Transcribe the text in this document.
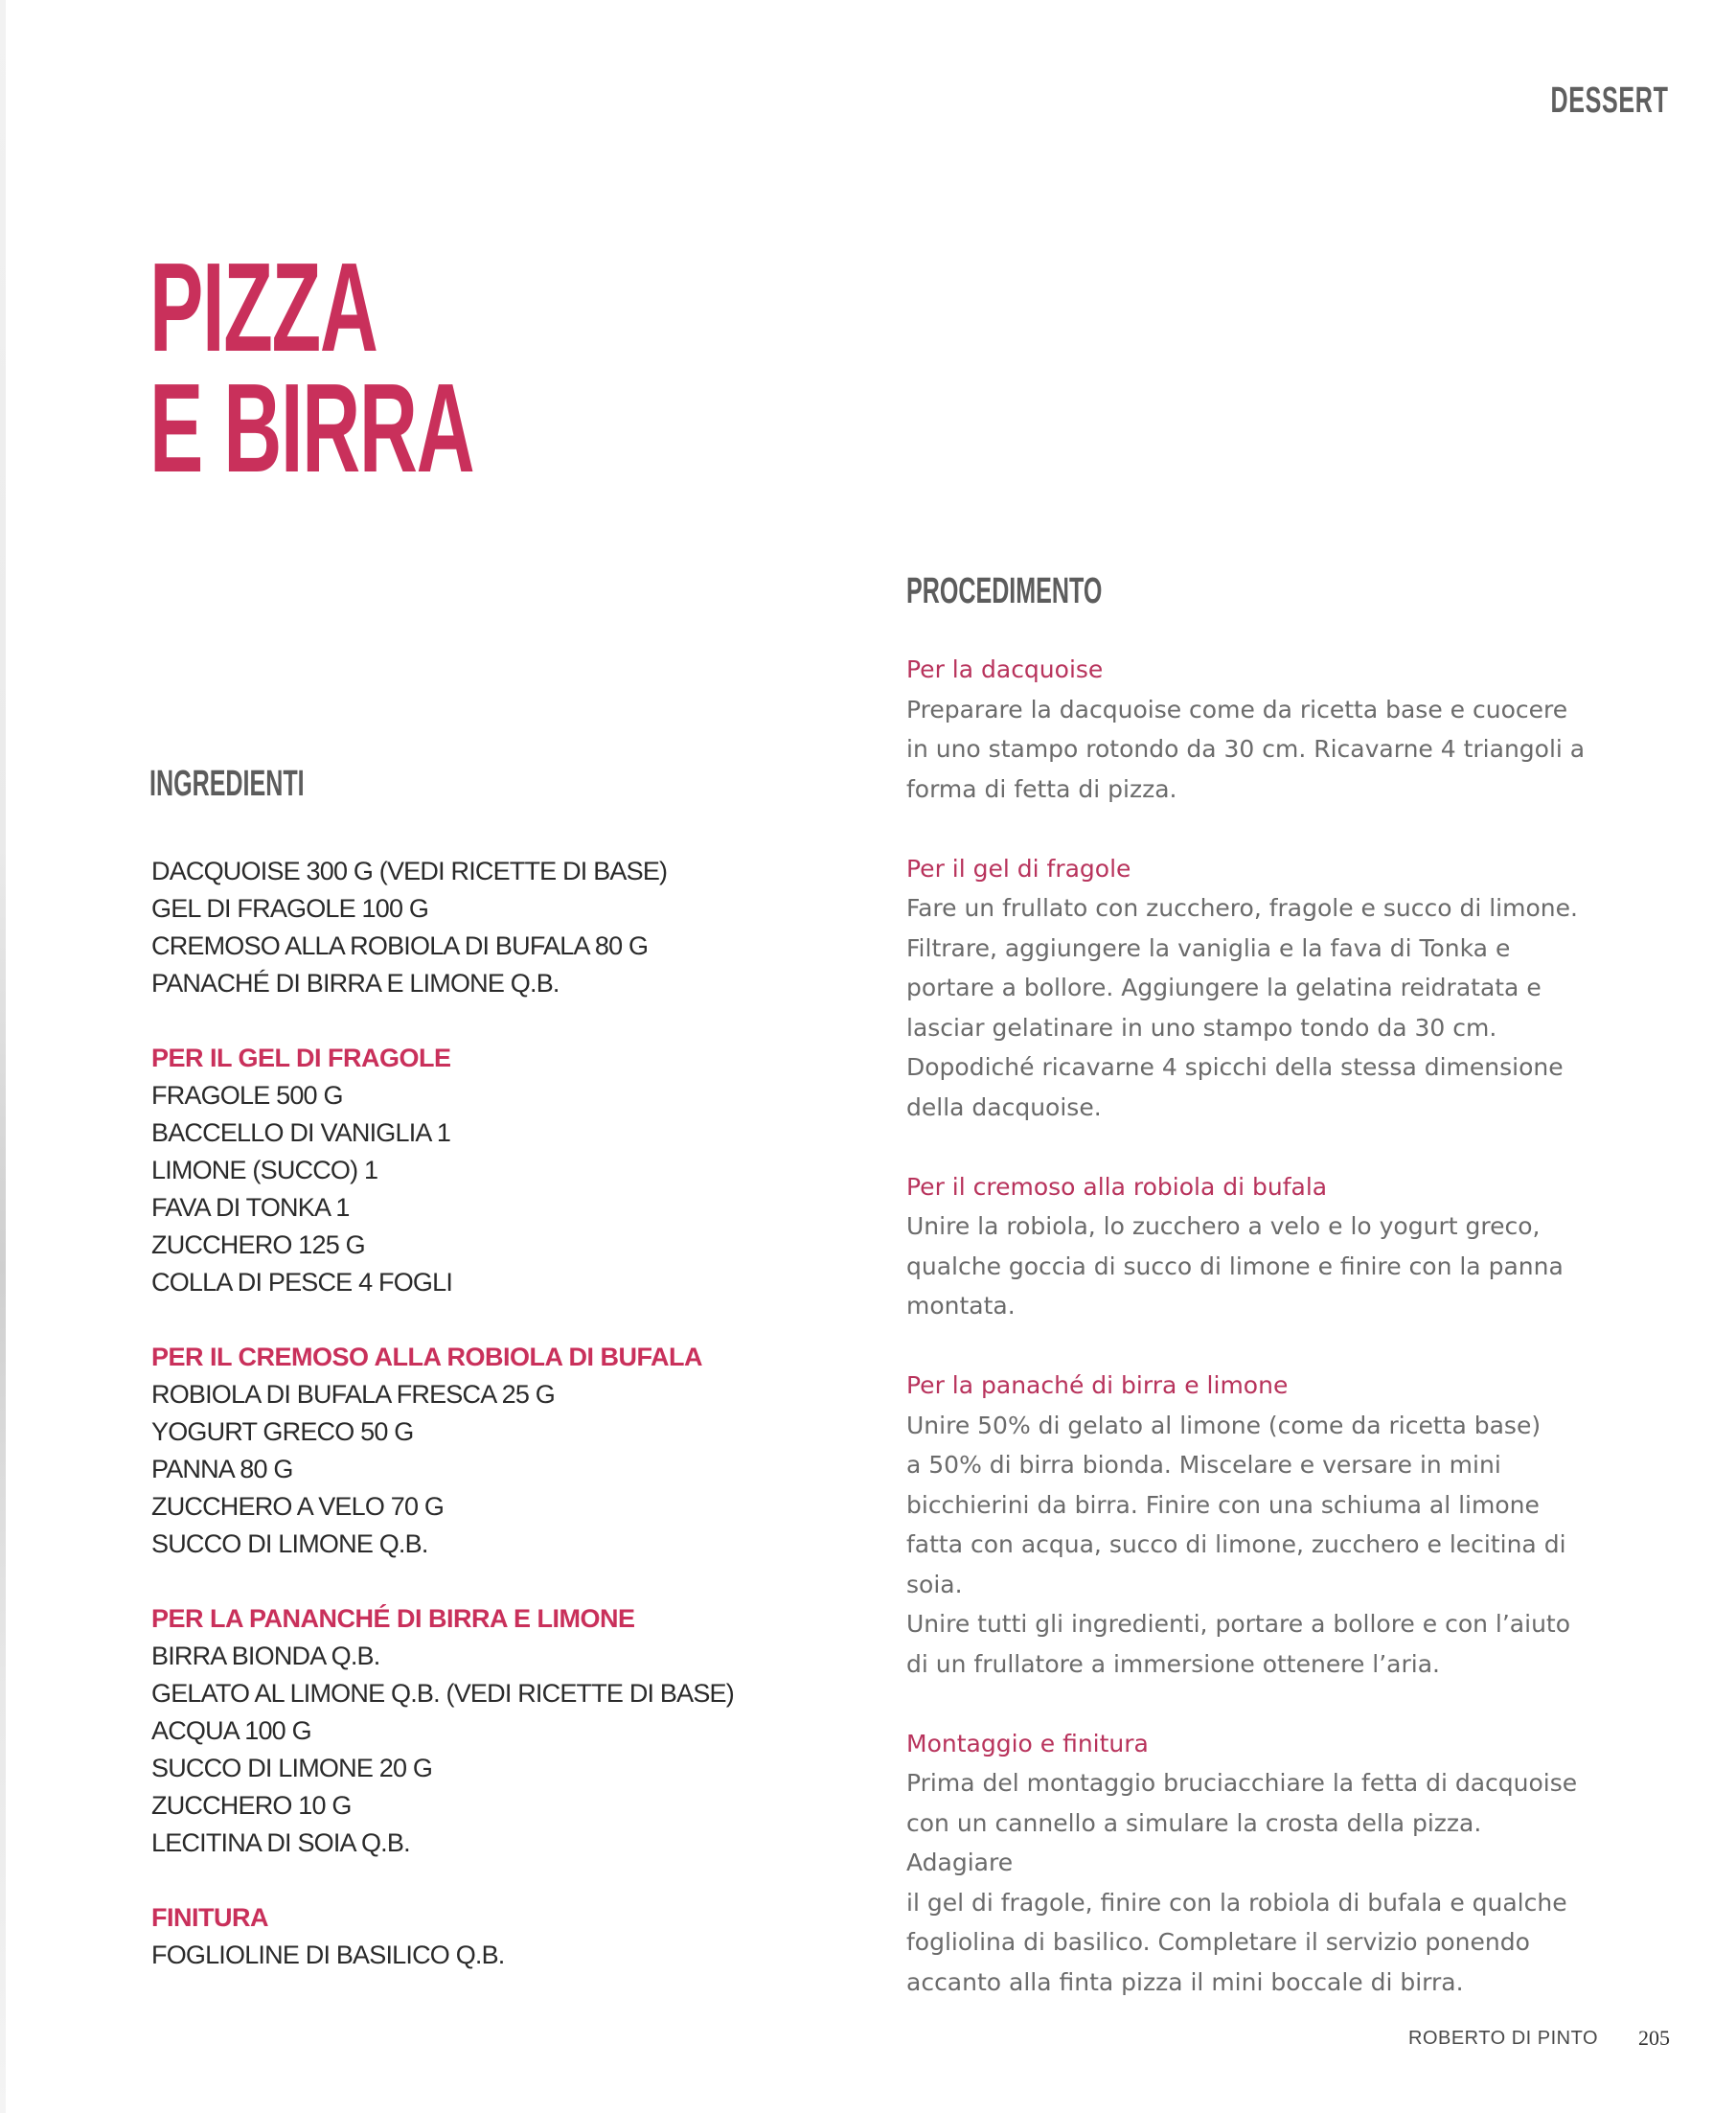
DESSERT
PIZZA
E BIRRA
INGREDIENTI
DACQUOISE 300 G (VEDI RICETTE DI BASE)
GEL DI FRAGOLE 100 G
CREMOSO ALLA ROBIOLA DI BUFALA 80 G
PANACHÉ DI BIRRA E LIMONE Q.B.
PER IL GEL DI FRAGOLE
FRAGOLE 500 G
BACCELLO DI VANIGLIA 1
LIMONE (SUCCO) 1
FAVA DI TONKA 1
ZUCCHERO 125 G
COLLA DI PESCE 4 FOGLI
PER IL CREMOSO ALLA ROBIOLA DI BUFALA
ROBIOLA DI BUFALA FRESCA 25 G
YOGURT GRECO 50 G
PANNA 80 G
ZUCCHERO A VELO 70 G
SUCCO DI LIMONE Q.B.
PER LA PANANCHÉ DI BIRRA E LIMONE
BIRRA BIONDA Q.B.
GELATO AL LIMONE Q.B. (VEDI RICETTE DI BASE)
ACQUA 100 G
SUCCO DI LIMONE 20 G
ZUCCHERO 10 G
LECITINA DI SOIA Q.B.
FINITURA
FOGLIOLINE DI BASILICO Q.B.
PROCEDIMENTO

Per la dacquoise

Preparare la dacquoise come da ricetta base e cuocere

in uno stampo rotondo da 30 cm. Ricavarne 4 triangoli a

forma di fetta di pizza.

Per il gel di fragole

Fare un frullato con zucchero, fragole e succo di limone.

Filtrare, aggiungere la vaniglia e la fava di Tonka e

portare a bollore. Aggiungere la gelatina reidratata e

lasciar gelatinare in uno stampo tondo da 30 cm.

Dopodiché ricavarne 4 spicchi della stessa dimensione

della dacquoise.

Per il cremoso alla robiola di bufala

Unire la robiola, lo zucchero a velo e lo yogurt greco,

qualche goccia di succo di limone e finire con la panna

montata.

Per la panaché di birra e limone

Unire 50% di gelato al limone (come da ricetta base)

a 50% di birra bionda. Miscelare e versare in mini

bicchierini da birra. Finire con una schiuma al limone

fatta con acqua, succo di limone, zucchero e lecitina di

soia.

Unire tutti gli ingredienti, portare a bollore e con l’aiuto

di un frullatore a immersione ottenere l’aria.

Montaggio e finitura

Prima del montaggio bruciacchiare la fetta di dacquoise

con un cannello a simulare la crosta della pizza. Adagiare

il gel di fragole, finire con la robiola di bufala e qualche

fogliolina di basilico. Completare il servizio ponendo

accanto alla finta pizza il mini boccale di birra.

ROBERTO DI PINTO 205
